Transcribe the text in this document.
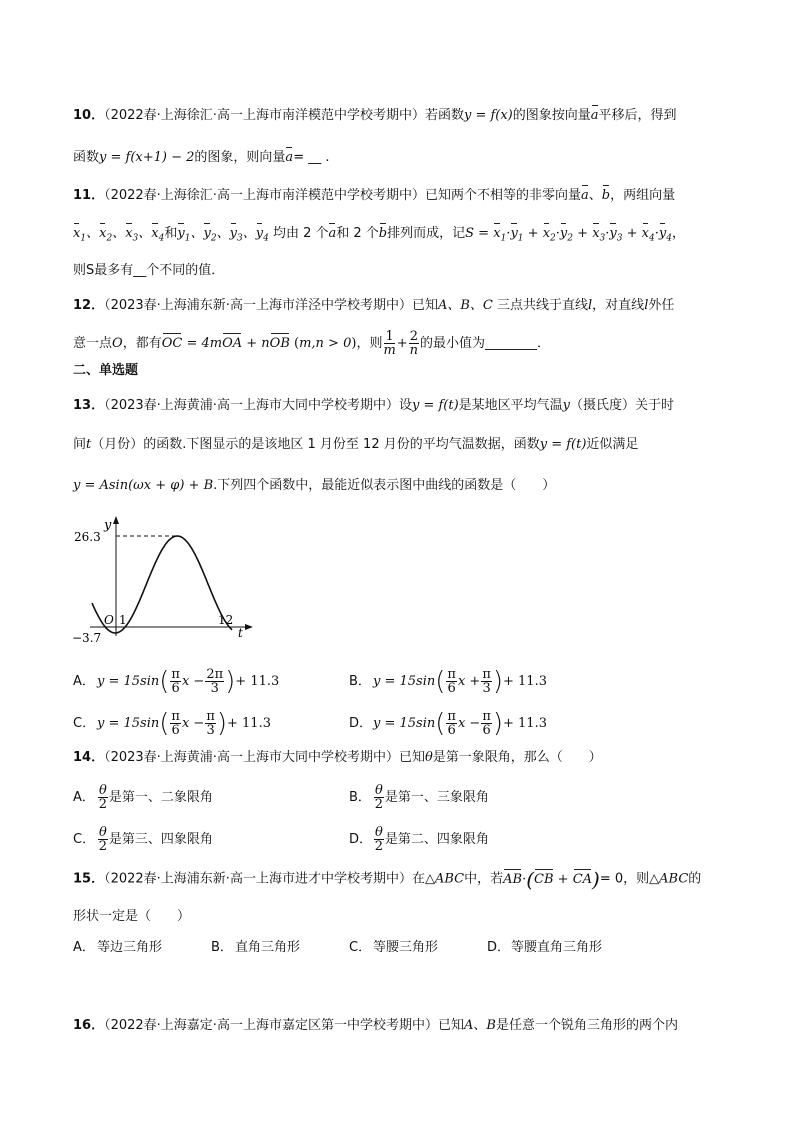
10．（2022春·上海徐汇·高一上海市南洋模范中学校考期中）若函数y = f(x)的图象按向量a平移后，得到
函数y = f(x+1) − 2的图象，则向量a= __ .
11．（2022春·上海徐汇·高一上海市南洋模范中学校考期中）已知两个不相等的非零向量a、b，两组向量
$x_1$、$x_2$、$x_3$、$x_4$和$y_1$、$y_2$、$y_3$、$y_4$ 均由 2 个a和 2 个b排列而成，记$S = x_1\cdot y_1 + x_2\cdot y_2 + x_3\cdot y_3 + x_4\cdot y_4$，
则S最多有__个不同的值．
12．（2023春·上海浦东新·高一上海市洋泾中学校考期中）已知A、B、C 三点共线于直线l，对直线l外任
意一点O，都有OC = 4mOA + nOB (m,n > 0)，则 $\frac{1}{m} + \frac{2}{n}$ 的最小值为________．
二、单选题
13．（2023春·上海黄浦·高一上海市大同中学校考期中）设y = f(t)是某地区平均气温y（摄氏度）关于时
间t（月份）的函数.下图显示的是该地区 1 月份至 12 月份的平均气温数据，函数y = f(t)近似满足
y = Asin(ωx + φ) + B.下列四个函数中，最能近似表示图中曲线的函数是（　　）
y
26.3
O 1	12
−3.7	t
A． $y = 15\sin( \frac{\pi}{6}$ $x - \frac{2\pi}{3}$ )+ 11.3	B． $y = 15\sin( \frac{\pi}{6}$ $x + \frac{\pi}{3}$ )+ 11.3
C． $y = 15\sin( \frac{\pi}{6}$ $x - \frac{\pi}{3}$ )+ 11.3	D．$y = 15\sin( \frac{\pi}{6}$ $x - \frac{\pi}{6}$ )+ 11.3
14．（2023春·上海黄浦·高一上海市大同中学校考期中）已知θ是第一象限角，那么（　　）
A． $\frac{\theta}{2}$ 是第一、二象限角	B． $\frac{\theta}{2}$ 是第一、三象限角
C． $\frac{\theta}{2}$ 是第三、四象限角	D． $\frac{\theta}{2}$ 是第二、四象限角
15．（2022春·上海浦东新·高一上海市进才中学校考期中）在△ABC中，若AB·(CB + CA)= 0，则△ABC的
形状一定是（　　）
A． 等边三角形	B． 直角三角形	C． 等腰三角形	D．等腰直角三角形
16．（2022春·上海嘉定·高一上海市嘉定区第一中学校考期中）已知A、B是任意一个锐角三角形的两个内
